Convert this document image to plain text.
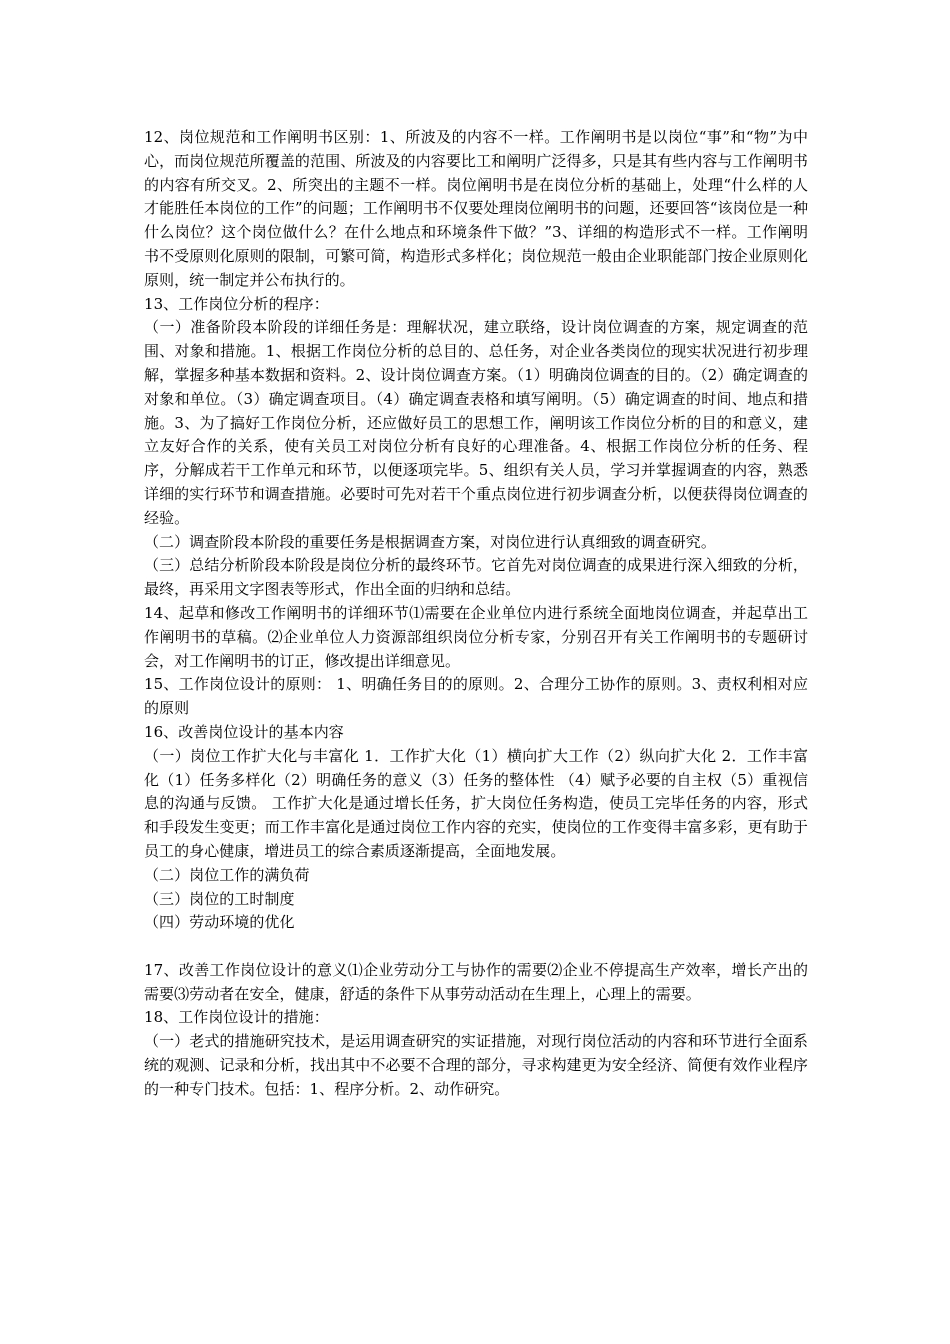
12、岗位规范和工作阐明书区别：1、所波及的内容不一样。工作阐明书是以岗位“事”和“物”为中心，而岗位规范所覆盖的范围、所波及的内容要比工和阐明广泛得多，只是其有些内容与工作阐明书的内容有所交叉。2、所突出的主题不一样。岗位阐明书是在岗位分析的基础上，处理“什么样的人才能胜任本岗位的工作”的问题；工作阐明书不仅要处理岗位阐明书的问题，还要回答“该岗位是一种什么岗位？这个岗位做什么？在什么地点和环境条件下做？”3、详细的构造形式不一样。工作阐明书不受原则化原则的限制，可繁可简，构造形式多样化；岗位规范一般由企业职能部门按企业原则化原则，统一制定并公布执行的。

13、工作岗位分析的程序：

（一）准备阶段本阶段的详细任务是：理解状况，建立联络，设计岗位调查的方案，规定调查的范围、对象和措施。1、根据工作岗位分析的总目的、总任务，对企业各类岗位的现实状况进行初步理解，掌握多种基本数据和资料。2、设计岗位调查方案。（1）明确岗位调查的目的。（2）确定调查的对象和单位。（3）确定调查项目。（4）确定调查表格和填写阐明。（5）确定调查的时间、地点和措施。3、为了搞好工作岗位分析，还应做好员工的思想工作，阐明该工作岗位分析的目的和意义，建立友好合作的关系，使有关员工对岗位分析有良好的心理准备。4、根据工作岗位分析的任务、程序，分解成若干工作单元和环节，以便逐项完毕。5、组织有关人员，学习并掌握调查的内容，熟悉详细的实行环节和调查措施。必要时可先对若干个重点岗位进行初步调查分析，以便获得岗位调查的经验。

（二）调查阶段本阶段的重要任务是根据调查方案，对岗位进行认真细致的调查研究。

（三）总结分析阶段本阶段是岗位分析的最终环节。它首先对岗位调查的成果进行深入细致的分析，最终，再采用文字图表等形式，作出全面的归纳和总结。

14、起草和修改工作阐明书的详细环节⑴需要在企业单位内进行系统全面地岗位调查，并起草出工作阐明书的草稿。⑵企业单位人力资源部组织岗位分析专家，分别召开有关工作阐明书的专题研讨会，对工作阐明书的订正，修改提出详细意见。

15、工作岗位设计的原则： 1、明确任务目的的原则。2、合理分工协作的原则。3、责权利相对应的原则

16、改善岗位设计的基本内容

（一）岗位工作扩大化与丰富化 1．工作扩大化（1）横向扩大工作（2）纵向扩大化 2．工作丰富化（1）任务多样化（2）明确任务的意义（3）任务的整体性 （4）赋予必要的自主权（5）重视信息的沟通与反馈。 工作扩大化是通过增长任务，扩大岗位任务构造，使员工完毕任务的内容，形式和手段发生变更；而工作丰富化是通过岗位工作内容的充实，使岗位的工作变得丰富多彩，更有助于员工的身心健康，增进员工的综合素质逐渐提高，全面地发展。

（二）岗位工作的满负荷

（三）岗位的工时制度

（四）劳动环境的优化

17、改善工作岗位设计的意义⑴企业劳动分工与协作的需要⑵企业不停提高生产效率，增长产出的需要⑶劳动者在安全，健康，舒适的条件下从事劳动活动在生理上，心理上的需要。

18、工作岗位设计的措施：

（一）老式的措施研究技术，是运用调查研究的实证措施，对现行岗位活动的内容和环节进行全面系统的观测、记录和分析，找出其中不必要不合理的部分，寻求构建更为安全经济、简便有效作业程序的一种专门技术。包括：1、程序分析。2、动作研究。
